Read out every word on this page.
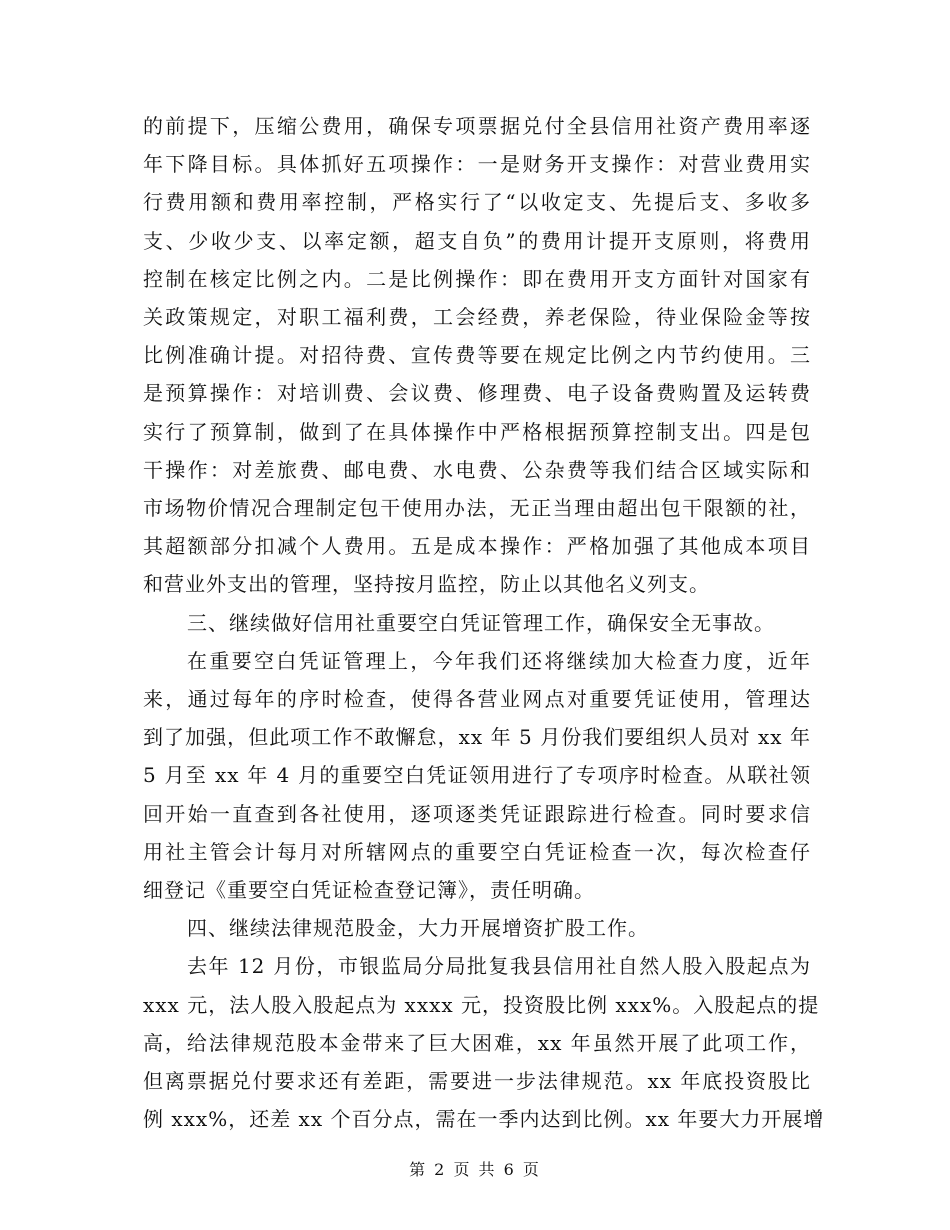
的前提下，压缩公费用，确保专项票据兑付全县信用社资产费用率逐
年下降目标。具体抓好五项操作：一是财务开支操作：对营业费用实
行费用额和费用率控制，严格实行了“以收定支、先提后支、多收多
支、少收少支、以率定额，超支自负”的费用计提开支原则，将费用
控制在核定比例之内。二是比例操作：即在费用开支方面针对国家有
关政策规定，对职工福利费，工会经费，养老保险，待业保险金等按
比例准确计提。对招待费、宣传费等要在规定比例之内节约使用。三
是预算操作：对培训费、会议费、修理费、电子设备费购置及运转费
实行了预算制，做到了在具体操作中严格根据预算控制支出。四是包
干操作：对差旅费、邮电费、水电费、公杂费等我们结合区域实际和
市场物价情况合理制定包干使用办法，无正当理由超出包干限额的社，
其超额部分扣减个人费用。五是成本操作：严格加强了其他成本项目
和营业外支出的管理，坚持按月监控，防止以其他名义列支。
三、继续做好信用社重要空白凭证管理工作，确保安全无事故。
在重要空白凭证管理上，今年我们还将继续加大检查力度，近年
来，通过每年的序时检查，使得各营业网点对重要凭证使用，管理达
到了加强，但此项工作不敢懈怠，xx 年 5 月份我们要组织人员对 xx 年
5 月至 xx 年 4 月的重要空白凭证领用进行了专项序时检查。从联社领
回开始一直查到各社使用，逐项逐类凭证跟踪进行检查。同时要求信
用社主管会计每月对所辖网点的重要空白凭证检查一次，每次检查仔
细登记《重要空白凭证检查登记簿》，责任明确。
四、继续法律规范股金，大力开展增资扩股工作。
去年 12 月份，市银监局分局批复我县信用社自然人股入股起点为
xxx 元，法人股入股起点为 xxxx 元，投资股比例 xxx%。入股起点的提
高，给法律规范股本金带来了巨大困难，xx 年虽然开展了此项工作，
但离票据兑付要求还有差距，需要进一步法律规范。xx 年底投资股比
例 xxx%，还差 xx 个百分点，需在一季内达到比例。xx 年要大力开展增
第 2 页 共 6 页
